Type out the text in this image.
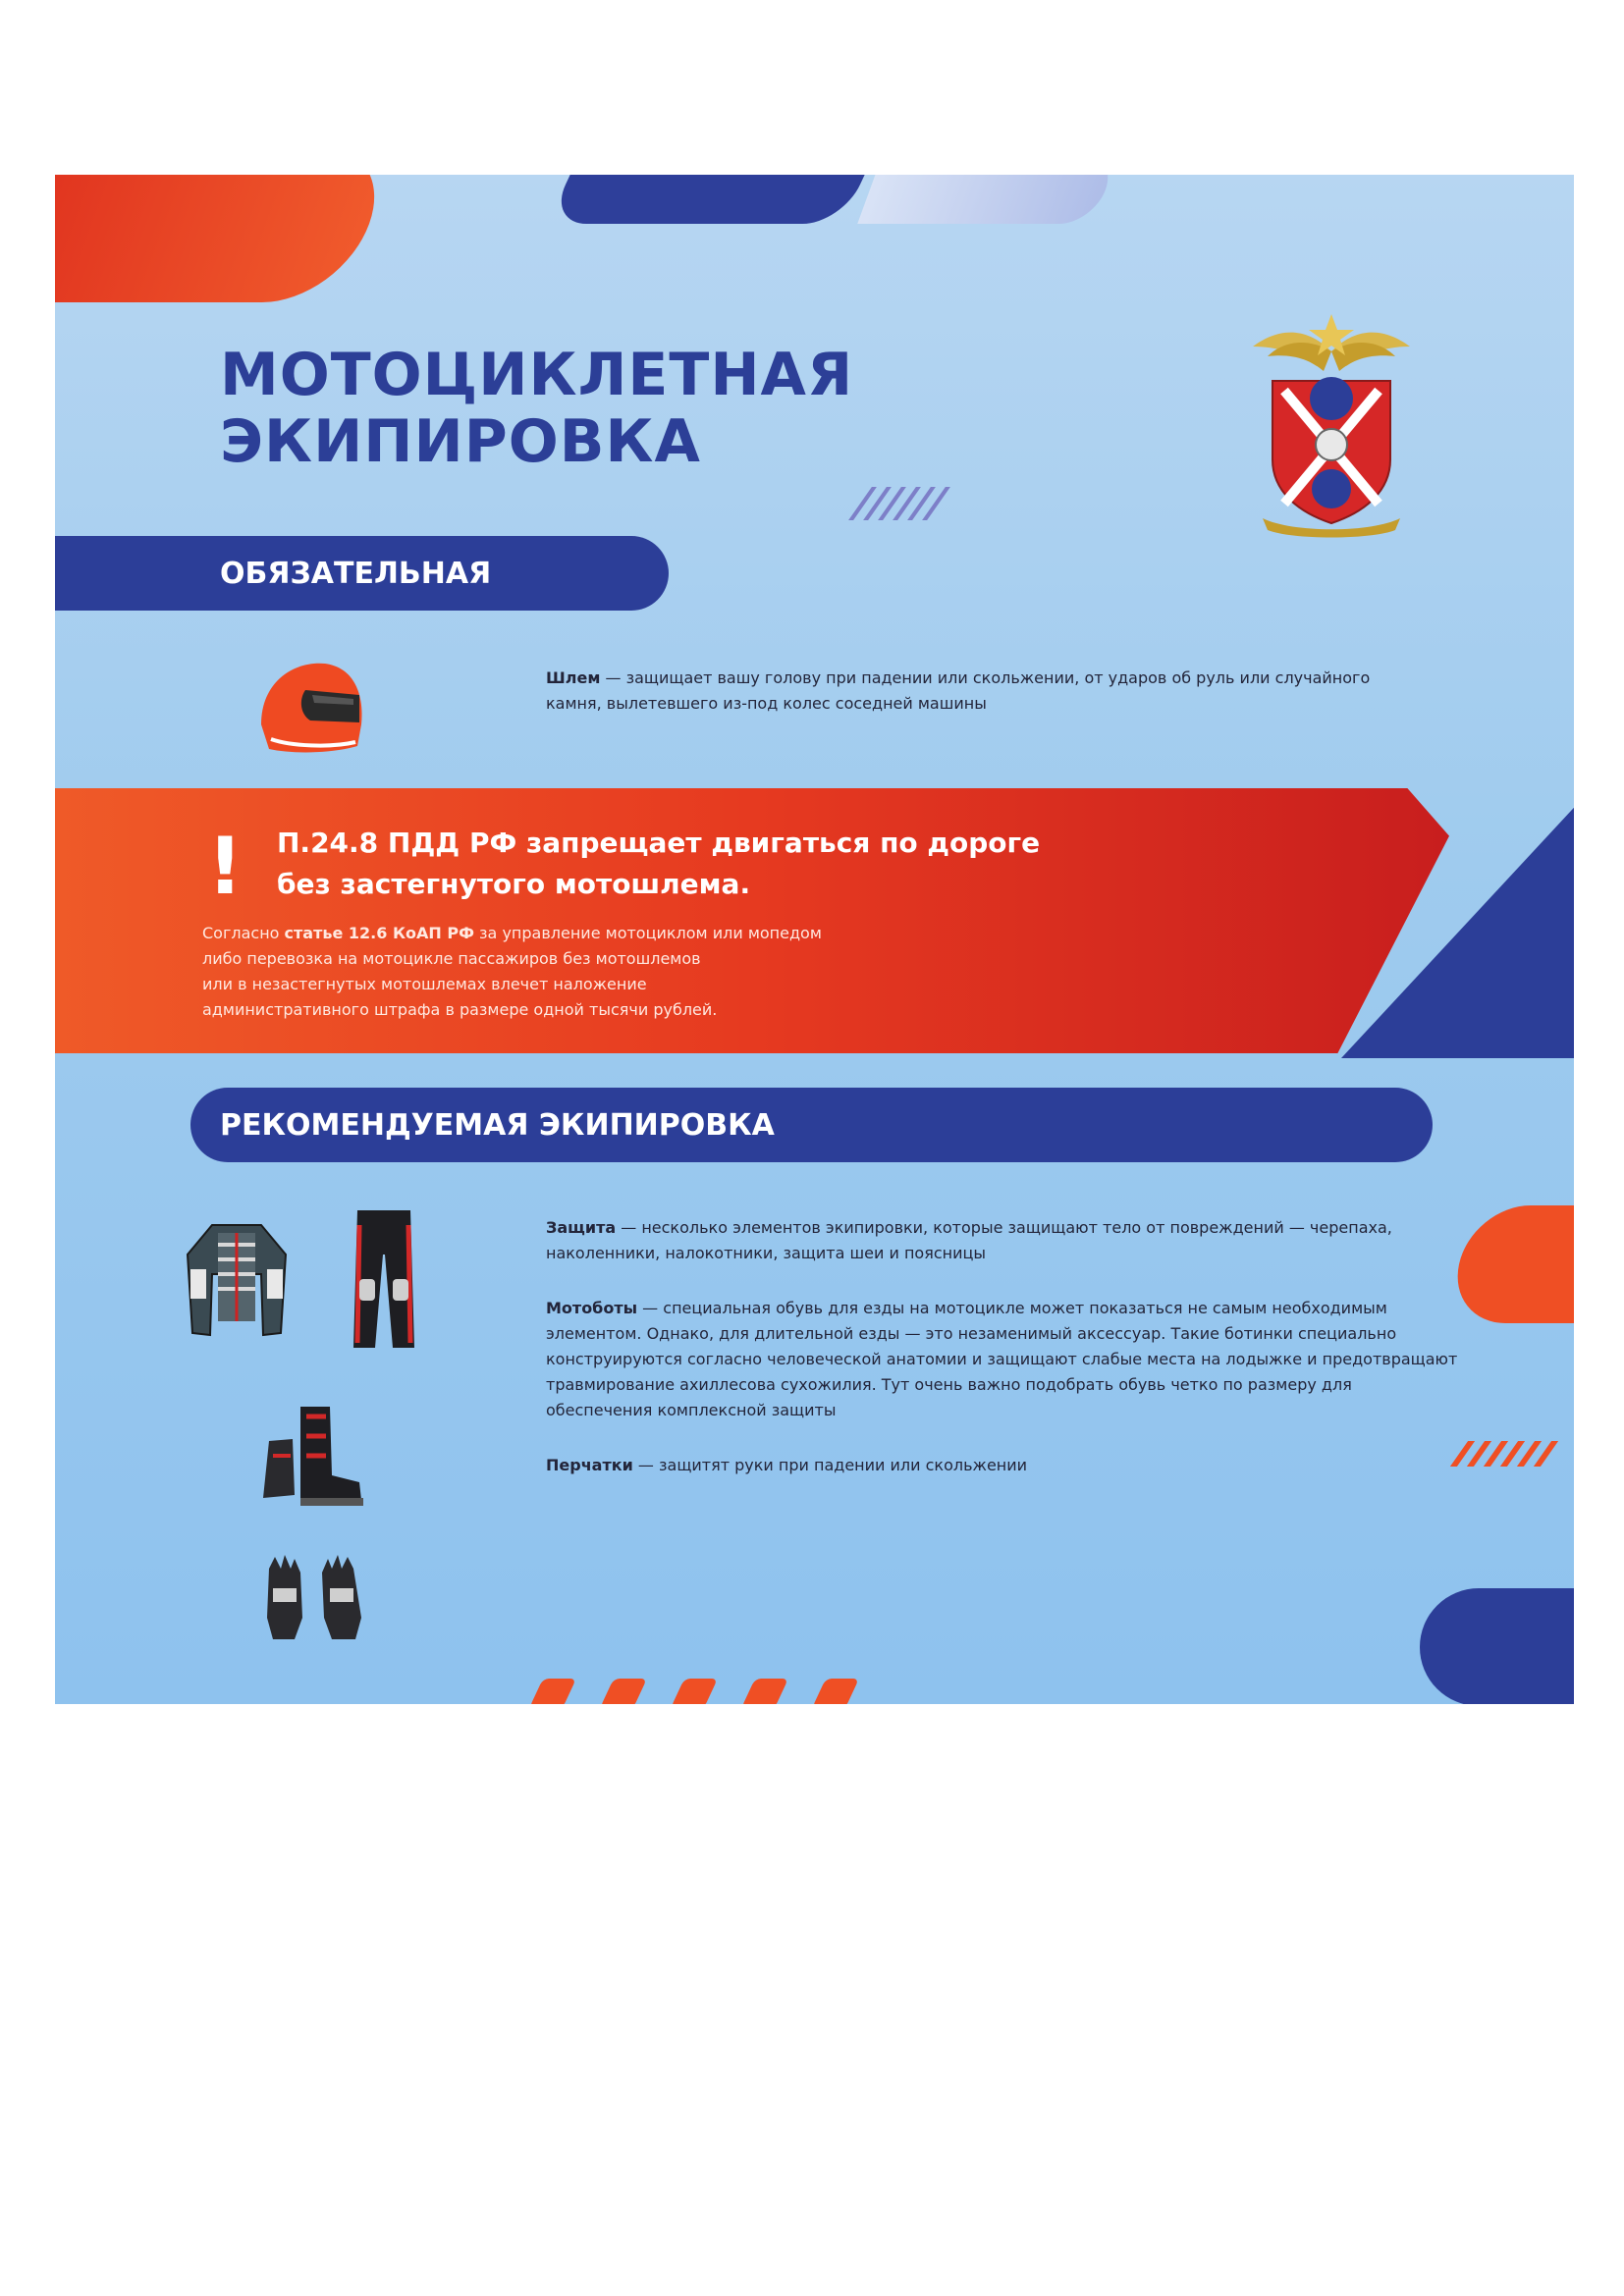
МОТОЦИКЛЕТНАЯ
ЭКИПИРОВКА
ОБЯЗАТЕЛЬНАЯ

Шлем — защищает вашу голову при падении или скольжении, от ударов об руль или случайного камня, вылетевшего из-под колес соседней машины

! П.24.8 ПДД РФ запрещает двигаться по дороге
без застегнутого мотошлема.

Согласно статье 12.6 КоАП РФ за управление мотоциклом или мопедом
либо перевозка на мотоцикле пассажиров без мотошлемов
или в незастегнутых мотошлемах влечет наложение
административного штрафа в размере одной тысячи рублей.

РЕКОМЕНДУЕМАЯ ЭКИПИРОВКА

Защита — несколько элементов экипировки, которые защищают тело от повреждений — черепаха, наколенники, налокотники, защита шеи и поясницы

Мотоботы — специальная обувь для езды на мотоцикле может показаться не самым необходимым элементом. Однако, для длительной езды — это незаменимый аксессуар. Такие ботинки специально конструируются согласно человеческой анатомии и защищают слабые места на лодыжке и предотвращают травмирование ахиллесова сухожилия. Тут очень важно подобрать обувь четко по размеру для обеспечения комплексной защиты

Перчатки — защитят руки при падении или скольжении
